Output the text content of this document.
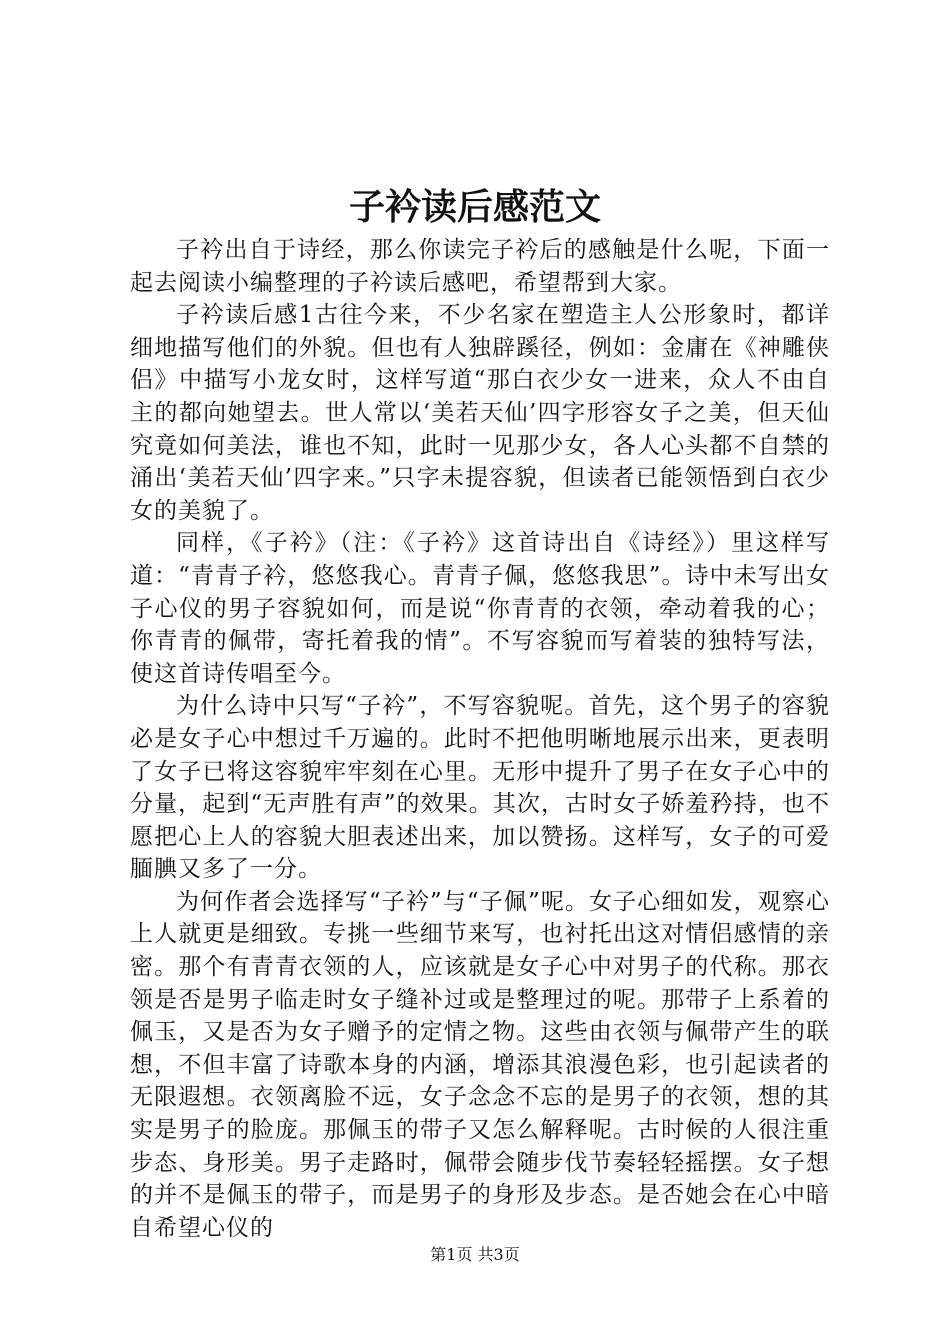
子衿读后感范文

子衿出自于诗经，那么你读完子衿后的感触是什么呢，下面一起去阅读小编整理的子衿读后感吧，希望帮到大家。

子衿读后感1古往今来，不少名家在塑造主人公形象时，都详细地描写他们的外貌。但也有人独辟蹊径，例如：金庸在《神雕侠侣》中描写小龙女时，这样写道“那白衣少女一进来，众人不由自主的都向她望去。世人常以‘美若天仙’四字形容女子之美，但天仙究竟如何美法，谁也不知，此时一见那少女，各人心头都不自禁的涌出‘美若天仙’四字来。”只字未提容貌，但读者已能领悟到白衣少女的美貌了。

同样，《子衿》（注：《子衿》这首诗出自《诗经》）里这样写道：“青青子衿，悠悠我心。青青子佩，悠悠我思”。诗中未写出女子心仪的男子容貌如何，而是说“你青青的衣领，牵动着我的心；你青青的佩带，寄托着我的情”。不写容貌而写着装的独特写法，使这首诗传唱至今。

为什么诗中只写“子衿”，不写容貌呢。首先，这个男子的容貌必是女子心中想过千万遍的。此时不把他明晰地展示出来，更表明了女子已将这容貌牢牢刻在心里。无形中提升了男子在女子心中的分量，起到“无声胜有声”的效果。其次，古时女子娇羞矜持，也不愿把心上人的容貌大胆表述出来，加以赞扬。这样写，女子的可爱腼腆又多了一分。

为何作者会选择写“子衿”与“子佩”呢。女子心细如发，观察心上人就更是细致。专挑一些细节来写，也衬托出这对情侣感情的亲密。那个有青青衣领的人，应该就是女子心中对男子的代称。那衣领是否是男子临走时女子缝补过或是整理过的呢。那带子上系着的佩玉，又是否为女子赠予的定情之物。这些由衣领与佩带产生的联想，不但丰富了诗歌本身的内涵，增添其浪漫色彩，也引起读者的无限遐想。衣领离脸不远，女子念念不忘的是男子的衣领，想的其实是男子的脸庞。那佩玉的带子又怎么解释呢。古时候的人很注重步态、身形美。男子走路时，佩带会随步伐节奏轻轻摇摆。女子想的并不是佩玉的带子，而是男子的身形及步态。是否她会在心中暗自希望心仪的

第1页 共3页
